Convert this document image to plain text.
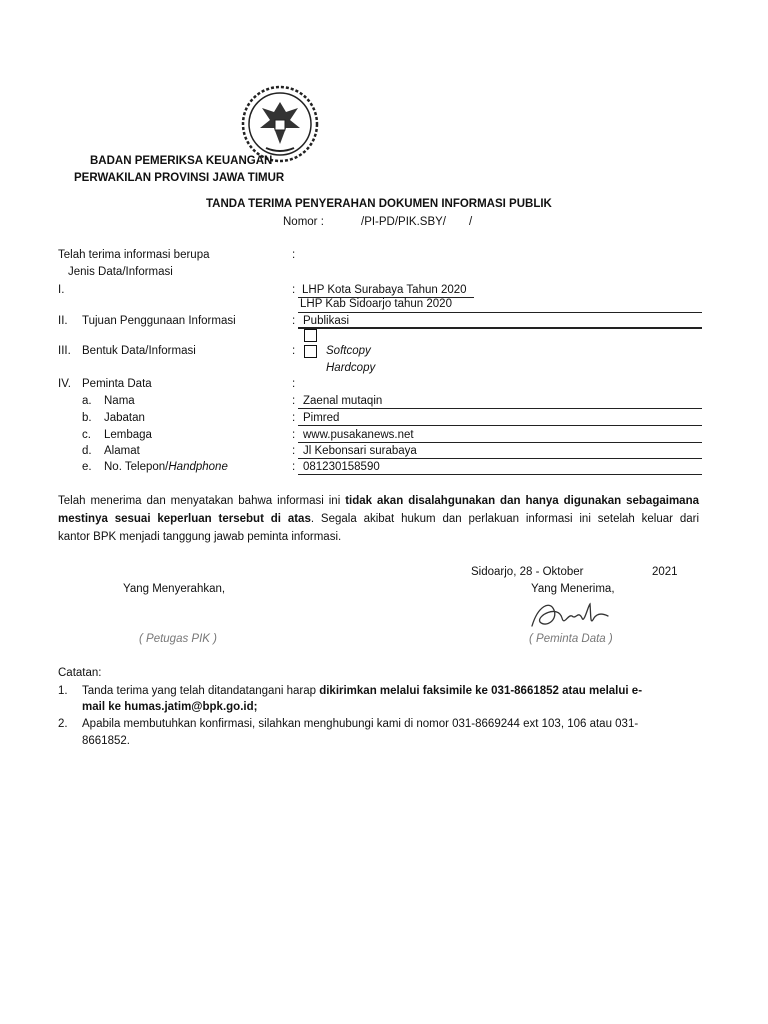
BADAN PEMERIKSA KEUANGAN
PERWAKILAN PROVINSI JAWA TIMUR
TANDA TERIMA PENYERAHAN DOKUMEN INFORMASI PUBLIK
Nomor :	/PI-PD/PIK.SBY/ /
Telah terima informasi berupa	:
Jenis Data/Informasi
I.	: LHP Kota Surabaya Tahun 2020
LHP Kab Sidoarjo tahun 2020
II. Tujuan Penggunaan Informasi	: Publikasi
III. Bentuk Data/Informasi	:	Softcopy
Hardcopy
IV. Peminta Data	:
a. Nama	: Zaenal mutaqin
b. Jabatan	: Pimred
c. Lembaga	: www.pusakanews.net
d. Alamat	: Jl Kebonsari surabaya
e. No. Telepon/Handphone	: 081230158590
Telah menerima dan menyatakan bahwa informasi ini tidak akan disalahgunakan dan hanya digunakan sebagaimana
mestinya sesuai keperluan tersebut di atas. Segala akibat hukum dan perlakuan informasi ini setelah keluar dari
kantor BPK menjadi tanggung jawab peminta informasi.
Sidoarjo, 28 - Oktober	2021
Yang Menyerahkan,	Yang Menerima,
( Petugas PIK )	( Peminta Data )
Catatan:
1. Tanda terima yang telah ditandatangani harap dikirimkan melalui faksimile ke 031-8661852 atau melalui e-
mail ke humas.jatim@bpk.go.id;
2. Apabila membutuhkan konfirmasi, silahkan menghubungi kami di nomor 031-8669244 ext 103, 106 atau 031-
8661852.
